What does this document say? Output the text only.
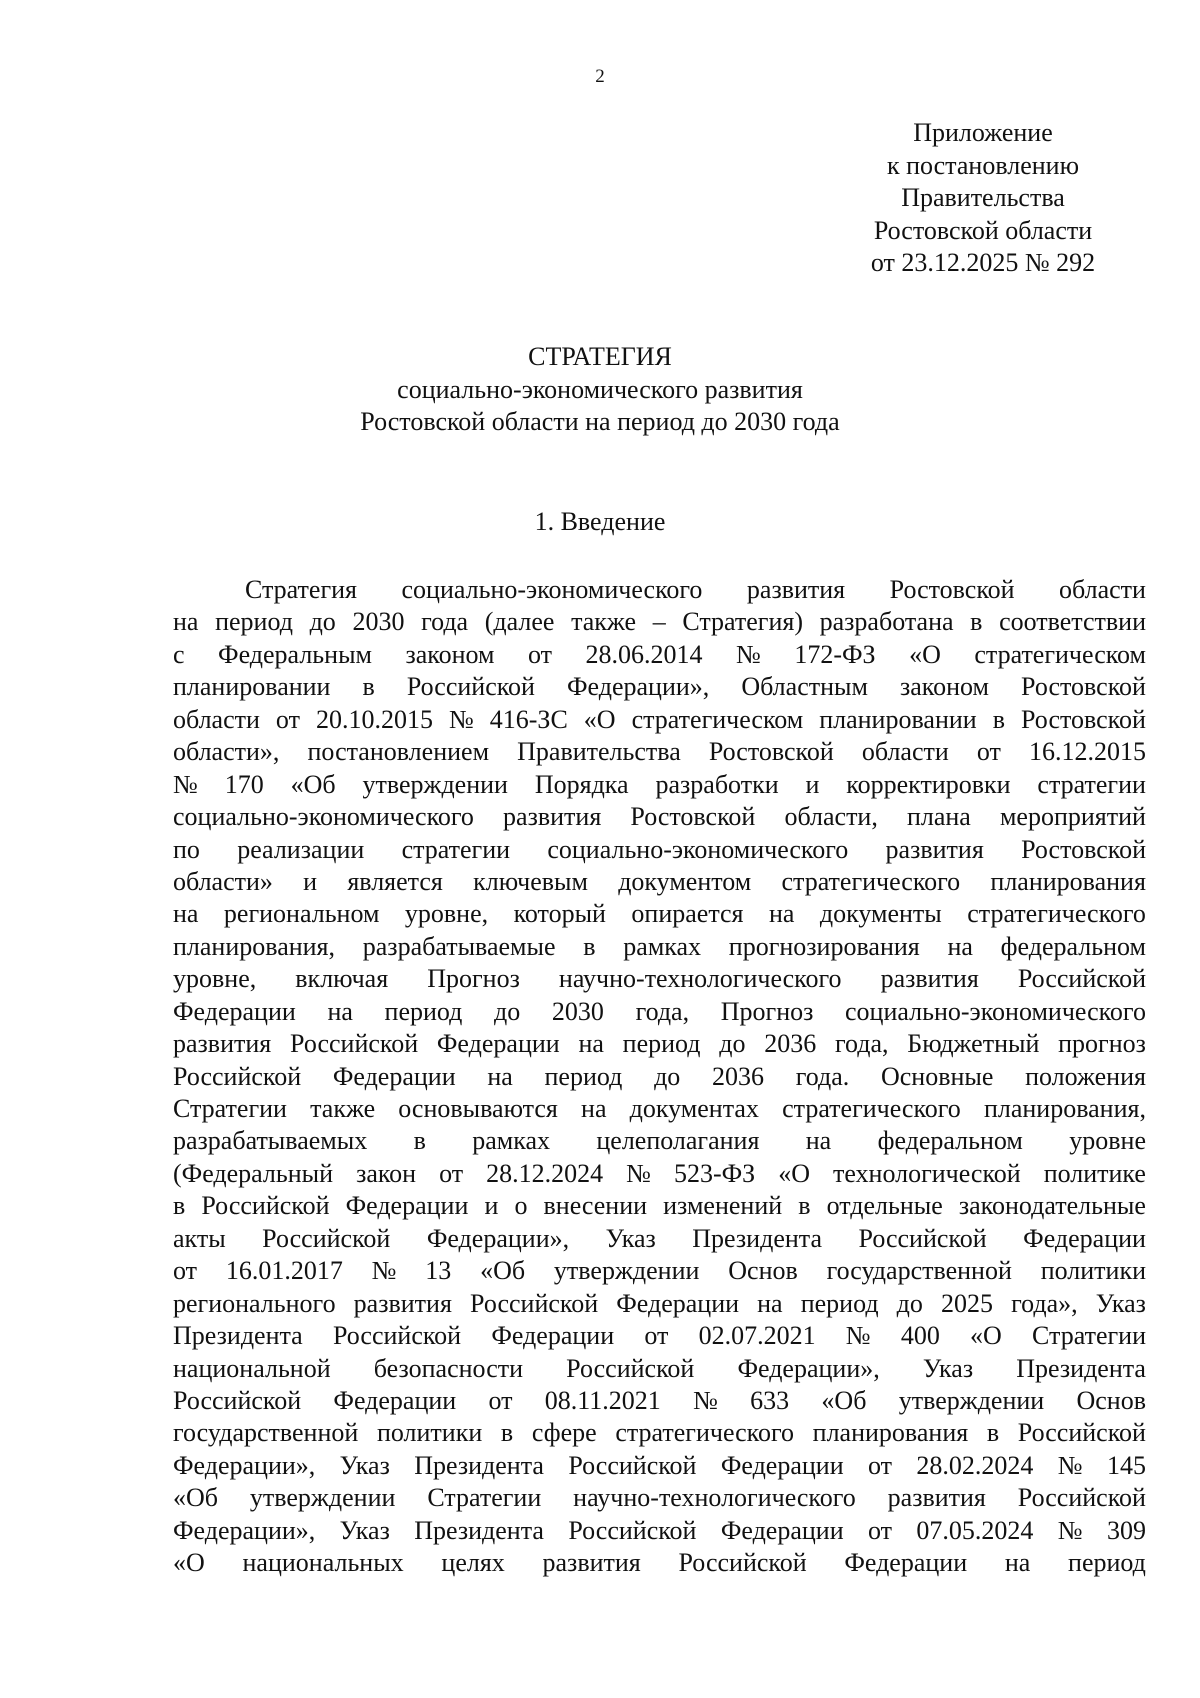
2
Приложение
к постановлению
Правительства
Ростовской области
от 23.12.2025 № 292
СТРАТЕГИЯ
социально-экономического развития
Ростовской области на период до 2030 года
1. Введение
Стратегия социально-экономического развития Ростовской области
на период до 2030 года (далее также – Стратегия) разработана в соответствии
с Федеральным законом от 28.06.2014 № 172-ФЗ «О стратегическом
планировании в Российской Федерации», Областным законом Ростовской
области от 20.10.2015 № 416-ЗС «О стратегическом планировании в Ростовской
области», постановлением Правительства Ростовской области от 16.12.2015
№ 170 «Об утверждении Порядка разработки и корректировки стратегии
социально-экономического развития Ростовской области, плана мероприятий
по реализации стратегии социально-экономического развития Ростовской
области» и является ключевым документом стратегического планирования
на региональном уровне, который опирается на документы стратегического
планирования, разрабатываемые в рамках прогнозирования на федеральном
уровне, включая Прогноз научно-технологического развития Российской
Федерации на период до 2030 года, Прогноз социально-экономического
развития Российской Федерации на период до 2036 года, Бюджетный прогноз
Российской Федерации на период до 2036 года. Основные положения
Стратегии также основываются на документах стратегического планирования,
разрабатываемых в рамках целеполагания на федеральном уровне
(Федеральный закон от 28.12.2024 № 523-ФЗ «О технологической политике
в Российской Федерации и о внесении изменений в отдельные законодательные
акты Российской Федерации», Указ Президента Российской Федерации
от 16.01.2017 № 13 «Об утверждении Основ государственной политики
регионального развития Российской Федерации на период до 2025 года», Указ
Президента Российской Федерации от 02.07.2021 № 400 «О Стратегии
национальной безопасности Российской Федерации», Указ Президента
Российской Федерации от 08.11.2021 № 633 «Об утверждении Основ
государственной политики в сфере стратегического планирования в Российской
Федерации», Указ Президента Российской Федерации от 28.02.2024 № 145
«Об утверждении Стратегии научно-технологического развития Российской
Федерации», Указ Президента Российской Федерации от 07.05.2024 № 309
«О национальных целях развития Российской Федерации на период
